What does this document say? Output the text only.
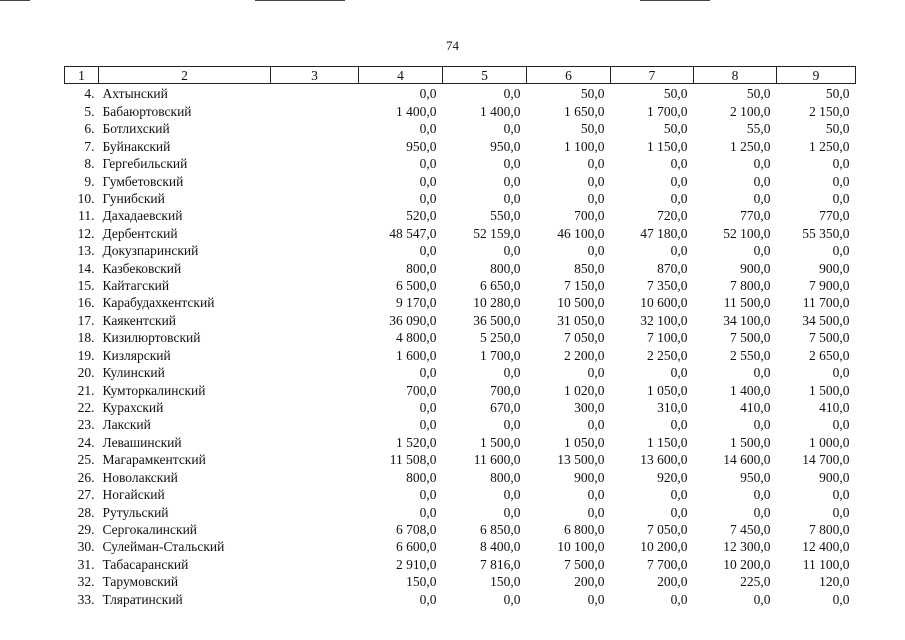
74
1	2	3	4	5	6	7	8	9
4.	Ахтынский		0,0	0,0	50,0	50,0	50,0	50,0
5.	Бабаюртовский		1 400,0	1 400,0	1 650,0	1 700,0	2 100,0	2 150,0
6.	Ботлихский		0,0	0,0	50,0	50,0	55,0	50,0
7.	Буйнакский		950,0	950,0	1 100,0	1 150,0	1 250,0	1 250,0
8.	Гергебильский		0,0	0,0	0,0	0,0	0,0	0,0
9.	Гумбетовский		0,0	0,0	0,0	0,0	0,0	0,0
10.	Гунибский		0,0	0,0	0,0	0,0	0,0	0,0
11.	Дахадаевский		520,0	550,0	700,0	720,0	770,0	770,0
12.	Дербентский		48 547,0	52 159,0	46 100,0	47 180,0	52 100,0	55 350,0
13.	Докузпаринский		0,0	0,0	0,0	0,0	0,0	0,0
14.	Казбековский		800,0	800,0	850,0	870,0	900,0	900,0
15.	Кайтагский		6 500,0	6 650,0	7 150,0	7 350,0	7 800,0	7 900,0
16.	Карабудахкентский		9 170,0	10 280,0	10 500,0	10 600,0	11 500,0	11 700,0
17.	Каякентский		36 090,0	36 500,0	31 050,0	32 100,0	34 100,0	34 500,0
18.	Кизилюртовский		4 800,0	5 250,0	7 050,0	7 100,0	7 500,0	7 500,0
19.	Кизлярский		1 600,0	1 700,0	2 200,0	2 250,0	2 550,0	2 650,0
20.	Кулинский		0,0	0,0	0,0	0,0	0,0	0,0
21.	Кумторкалинский		700,0	700,0	1 020,0	1 050,0	1 400,0	1 500,0
22.	Курахский		0,0	670,0	300,0	310,0	410,0	410,0
23.	Лакский		0,0	0,0	0,0	0,0	0,0	0,0
24.	Левашинский		1 520,0	1 500,0	1 050,0	1 150,0	1 500,0	1 000,0
25.	Магарамкентский		11 508,0	11 600,0	13 500,0	13 600,0	14 600,0	14 700,0
26.	Новолакский		800,0	800,0	900,0	920,0	950,0	900,0
27.	Ногайский		0,0	0,0	0,0	0,0	0,0	0,0
28.	Рутульский		0,0	0,0	0,0	0,0	0,0	0,0
29.	Сергокалинский		6 708,0	6 850,0	6 800,0	7 050,0	7 450,0	7 800,0
30.	Сулейман-Стальский		6 600,0	8 400,0	10 100,0	10 200,0	12 300,0	12 400,0
31.	Табасаранский		2 910,0	7 816,0	7 500,0	7 700,0	10 200,0	11 100,0
32.	Тарумовский		150,0	150,0	200,0	200,0	225,0	120,0
33.	Тляратинский		0,0	0,0	0,0	0,0	0,0	0,0
